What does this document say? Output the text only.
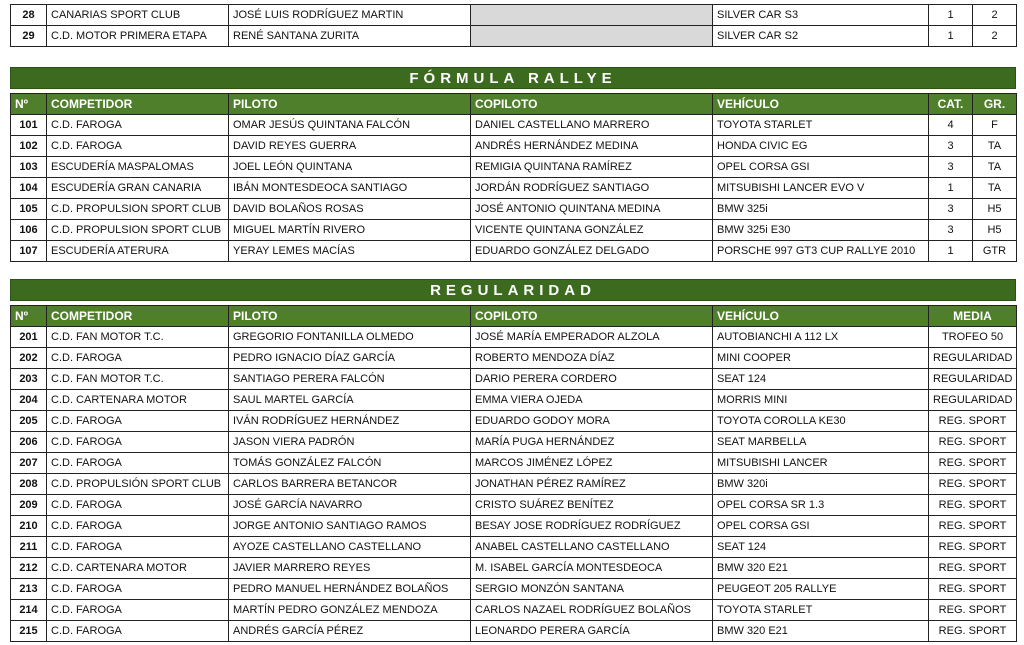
28	CANARIAS SPORT CLUB	JOSÉ LUIS RODRÍGUEZ MARTIN		SILVER CAR S3	1	2
29	C.D. MOTOR PRIMERA ETAPA	RENÉ SANTANA ZURITA		SILVER CAR S2	1	2
FÓRMULA RALLYE
Nº	COMPETIDOR	PILOTO	COPILOTO	VEHÍCULO	CAT.	GR.
101	C.D. FAROGA	OMAR JESÚS QUINTANA FALCÓN	DANIEL CASTELLANO MARRERO	TOYOTA STARLET	4	F
102	C.D. FAROGA	DAVID REYES GUERRA	ANDRÉS HERNÁNDEZ MEDINA	HONDA CIVIC EG	3	TA
103	ESCUDERÍA MASPALOMAS	JOEL LEÓN QUINTANA	REMIGIA QUINTANA RAMÍREZ	OPEL CORSA GSI	3	TA
104	ESCUDERÍA GRAN CANARIA	IBÁN MONTESDEOCA SANTIAGO	JORDÁN RODRÍGUEZ SANTIAGO	MITSUBISHI LANCER EVO V	1	TA
105	C.D. PROPULSION SPORT CLUB	DAVID BOLAÑOS ROSAS	JOSÉ ANTONIO QUINTANA MEDINA	BMW 325i	3	H5
106	C.D. PROPULSION SPORT CLUB	MIGUEL MARTÍN RIVERO	VICENTE QUINTANA GONZÁLEZ	BMW 325i E30	3	H5
107	ESCUDERÍA ATERURA	YERAY LEMES MACÍAS	EDUARDO GONZÁLEZ DELGADO	PORSCHE 997 GT3 CUP RALLYE 2010	1	GTR
REGULARIDAD
Nº	COMPETIDOR	PILOTO	COPILOTO	VEHÍCULO	MEDIA
201	C.D. FAN MOTOR T.C.	GREGORIO FONTANILLA OLMEDO	JOSÉ MARÍA EMPERADOR ALZOLA	AUTOBIANCHI A 112 LX	TROFEO 50
202	C.D. FAROGA	PEDRO IGNACIO DÍAZ GARCÍA	ROBERTO MENDOZA DÍAZ	MINI COOPER	REGULARIDAD
203	C.D. FAN MOTOR T.C.	SANTIAGO PERERA FALCÓN	DARIO PERERA CORDERO	SEAT 124	REGULARIDAD
204	C.D. CARTENARA MOTOR	SAUL MARTEL GARCÍA	EMMA VIERA OJEDA	MORRIS MINI	REGULARIDAD
205	C.D. FAROGA	IVÁN RODRÍGUEZ HERNÁNDEZ	EDUARDO GODOY MORA	TOYOTA COROLLA KE30	REG. SPORT
206	C.D. FAROGA	JASON VIERA PADRÓN	MARÍA PUGA HERNÁNDEZ	SEAT MARBELLA	REG. SPORT
207	C.D. FAROGA	TOMÁS GONZÁLEZ FALCÓN	MARCOS JIMÉNEZ LÓPEZ	MITSUBISHI LANCER	REG. SPORT
208	C.D. PROPULSIÓN SPORT CLUB	CARLOS BARRERA BETANCOR	JONATHAN PÉREZ RAMÍREZ	BMW 320i	REG. SPORT
209	C.D. FAROGA	JOSÉ GARCÍA NAVARRO	CRISTO SUÁREZ BENÍTEZ	OPEL CORSA SR 1.3	REG. SPORT
210	C.D. FAROGA	JORGE ANTONIO SANTIAGO RAMOS	BESAY JOSE RODRÍGUEZ RODRÍGUEZ	OPEL CORSA GSI	REG. SPORT
211	C.D. FAROGA	AYOZE CASTELLANO CASTELLANO	ANABEL CASTELLANO CASTELLANO	SEAT 124	REG. SPORT
212	C.D. CARTENARA MOTOR	JAVIER MARRERO REYES	M. ISABEL GARCÍA MONTESDEOCA	BMW 320 E21	REG. SPORT
213	C.D. FAROGA	PEDRO MANUEL HERNÁNDEZ BOLAÑOS	SERGIO MONZÓN SANTANA	PEUGEOT 205 RALLYE	REG. SPORT
214	C.D. FAROGA	MARTÍN PEDRO GONZÁLEZ MENDOZA	CARLOS NAZAEL RODRÍGUEZ BOLAÑOS	TOYOTA STARLET	REG. SPORT
215	C.D. FAROGA	ANDRÉS GARCÍA PÉREZ	LEONARDO PERERA GARCÍA	BMW 320 E21	REG. SPORT
